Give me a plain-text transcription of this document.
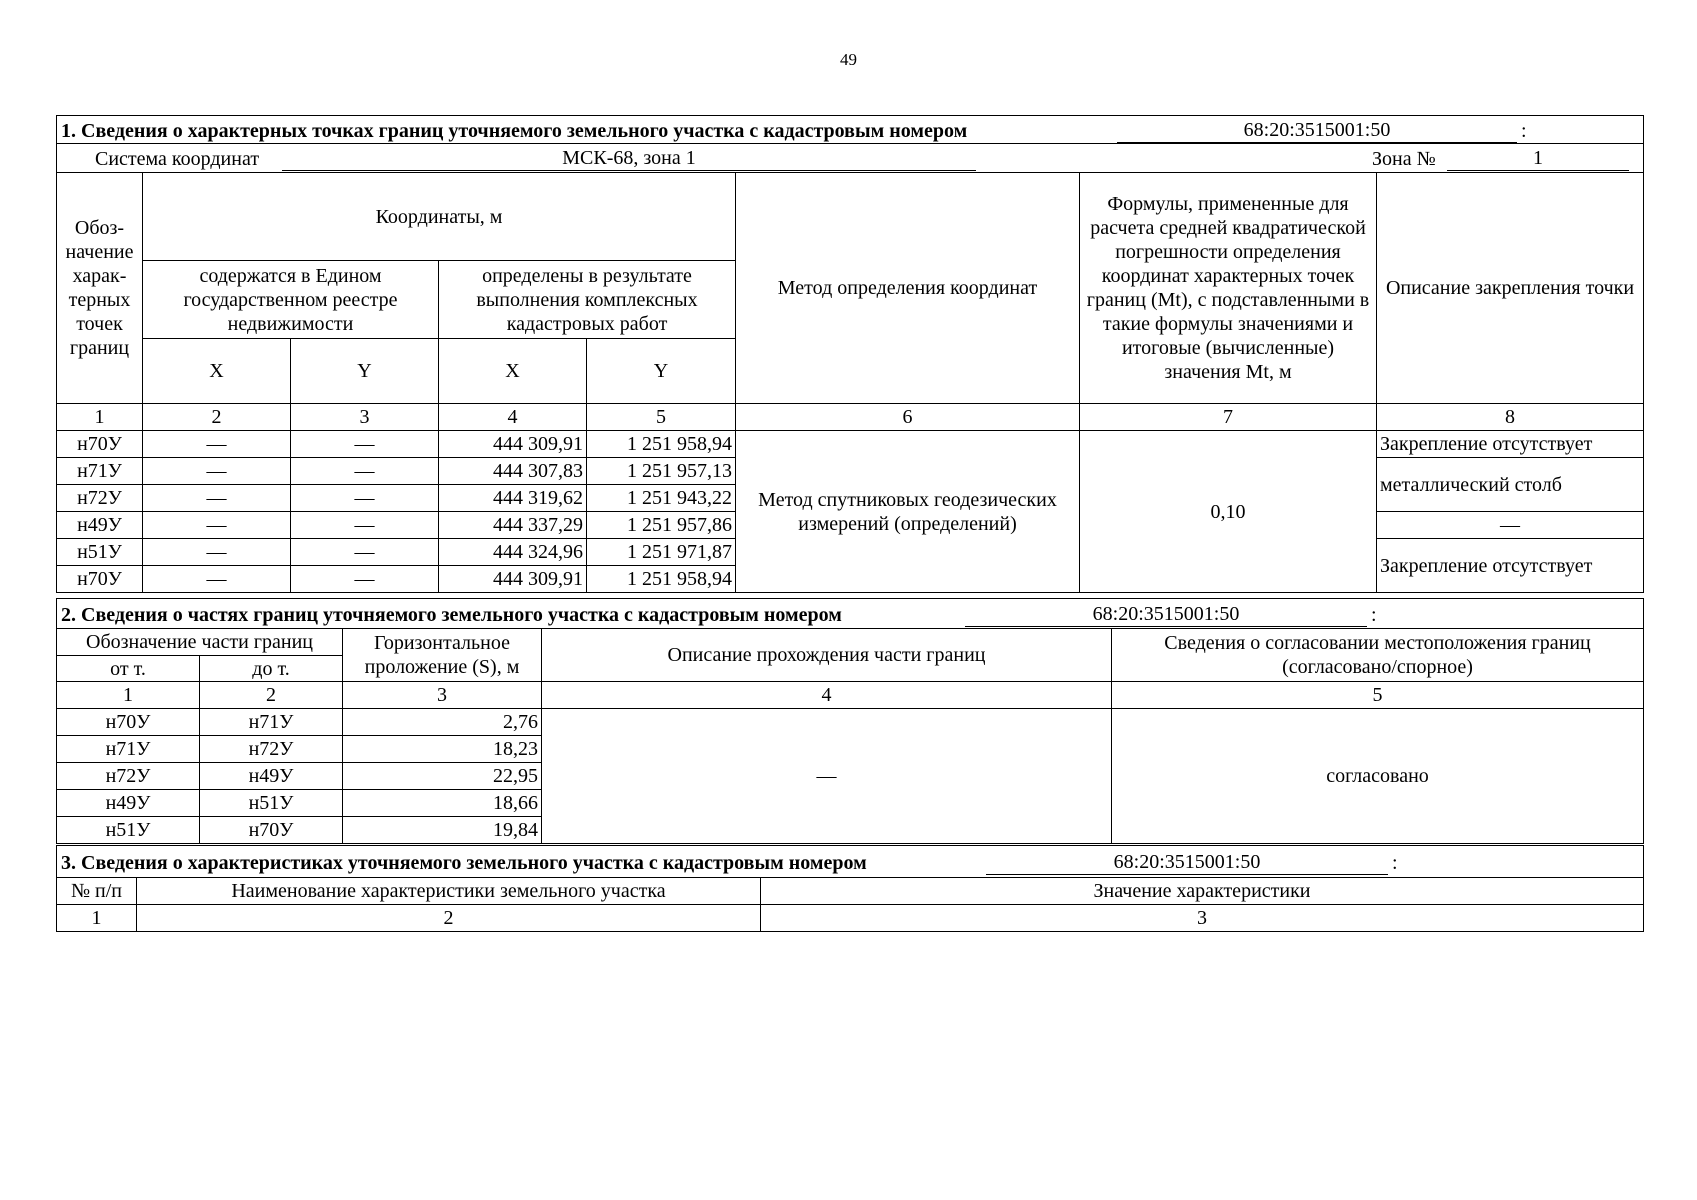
49
1. Сведения о характерных точках границ уточняемого земельного участка с кадастровым номером 68:20:3515001:50 :							

Система координат МСК-68, зона 1 Зона № 1							

Обоз-начение харак-терных точек границ	Координаты, м				Метод определения координат	Формулы, примененные для расчета средней квадратической погрешности определения координат характерных точек границ (Mt), с подставленными в такие формулы значениями и итоговые (вычисленные) значения Mt, м	Описание закрепления точки
	содержатся в Едином государственном реестре недвижимости		определены в результате выполнения комплексных кадастровых работ				
	X	Y	X	Y			
1	2	3	4	5	6	7	8
н70У	—	—	444 309,91	1 251 958,94	Метод спутниковых геодезических измерений (определений)	0,10	Закрепление отсутствует
н71У	—	—	444 307,83	1 251 957,13			металлический столб
н72У	—	—	444 319,62	1 251 943,22			
н49У	—	—	444 337,29	1 251 957,86			—
н51У	—	—	444 324,96	1 251 971,87			Закрепление отсутствует
н70У	—	—	444 309,91	1 251 958,94			
2. Сведения о частях границ уточняемого земельного участка с кадастровым номером 68:20:3515001:50 :				

Обозначение части границ		Горизонтальное проложение (S), м	Описание прохождения части границ	Сведения о согласовании местоположения границ (согласовано/спорное)
от т.	до т.			
1	2	3	4	5
н70У	н71У	2,76	—	согласовано
н71У	н72У	18,23		
н72У	н49У	22,95		
н49У	н51У	18,66		
н51У	н70У	19,84		
3. Сведения о характеристиках уточняемого земельного участка с кадастровым номером 68:20:3515001:50 :		

№ п/п	Наименование характеристики земельного участка	Значение характеристики
1	2	3
